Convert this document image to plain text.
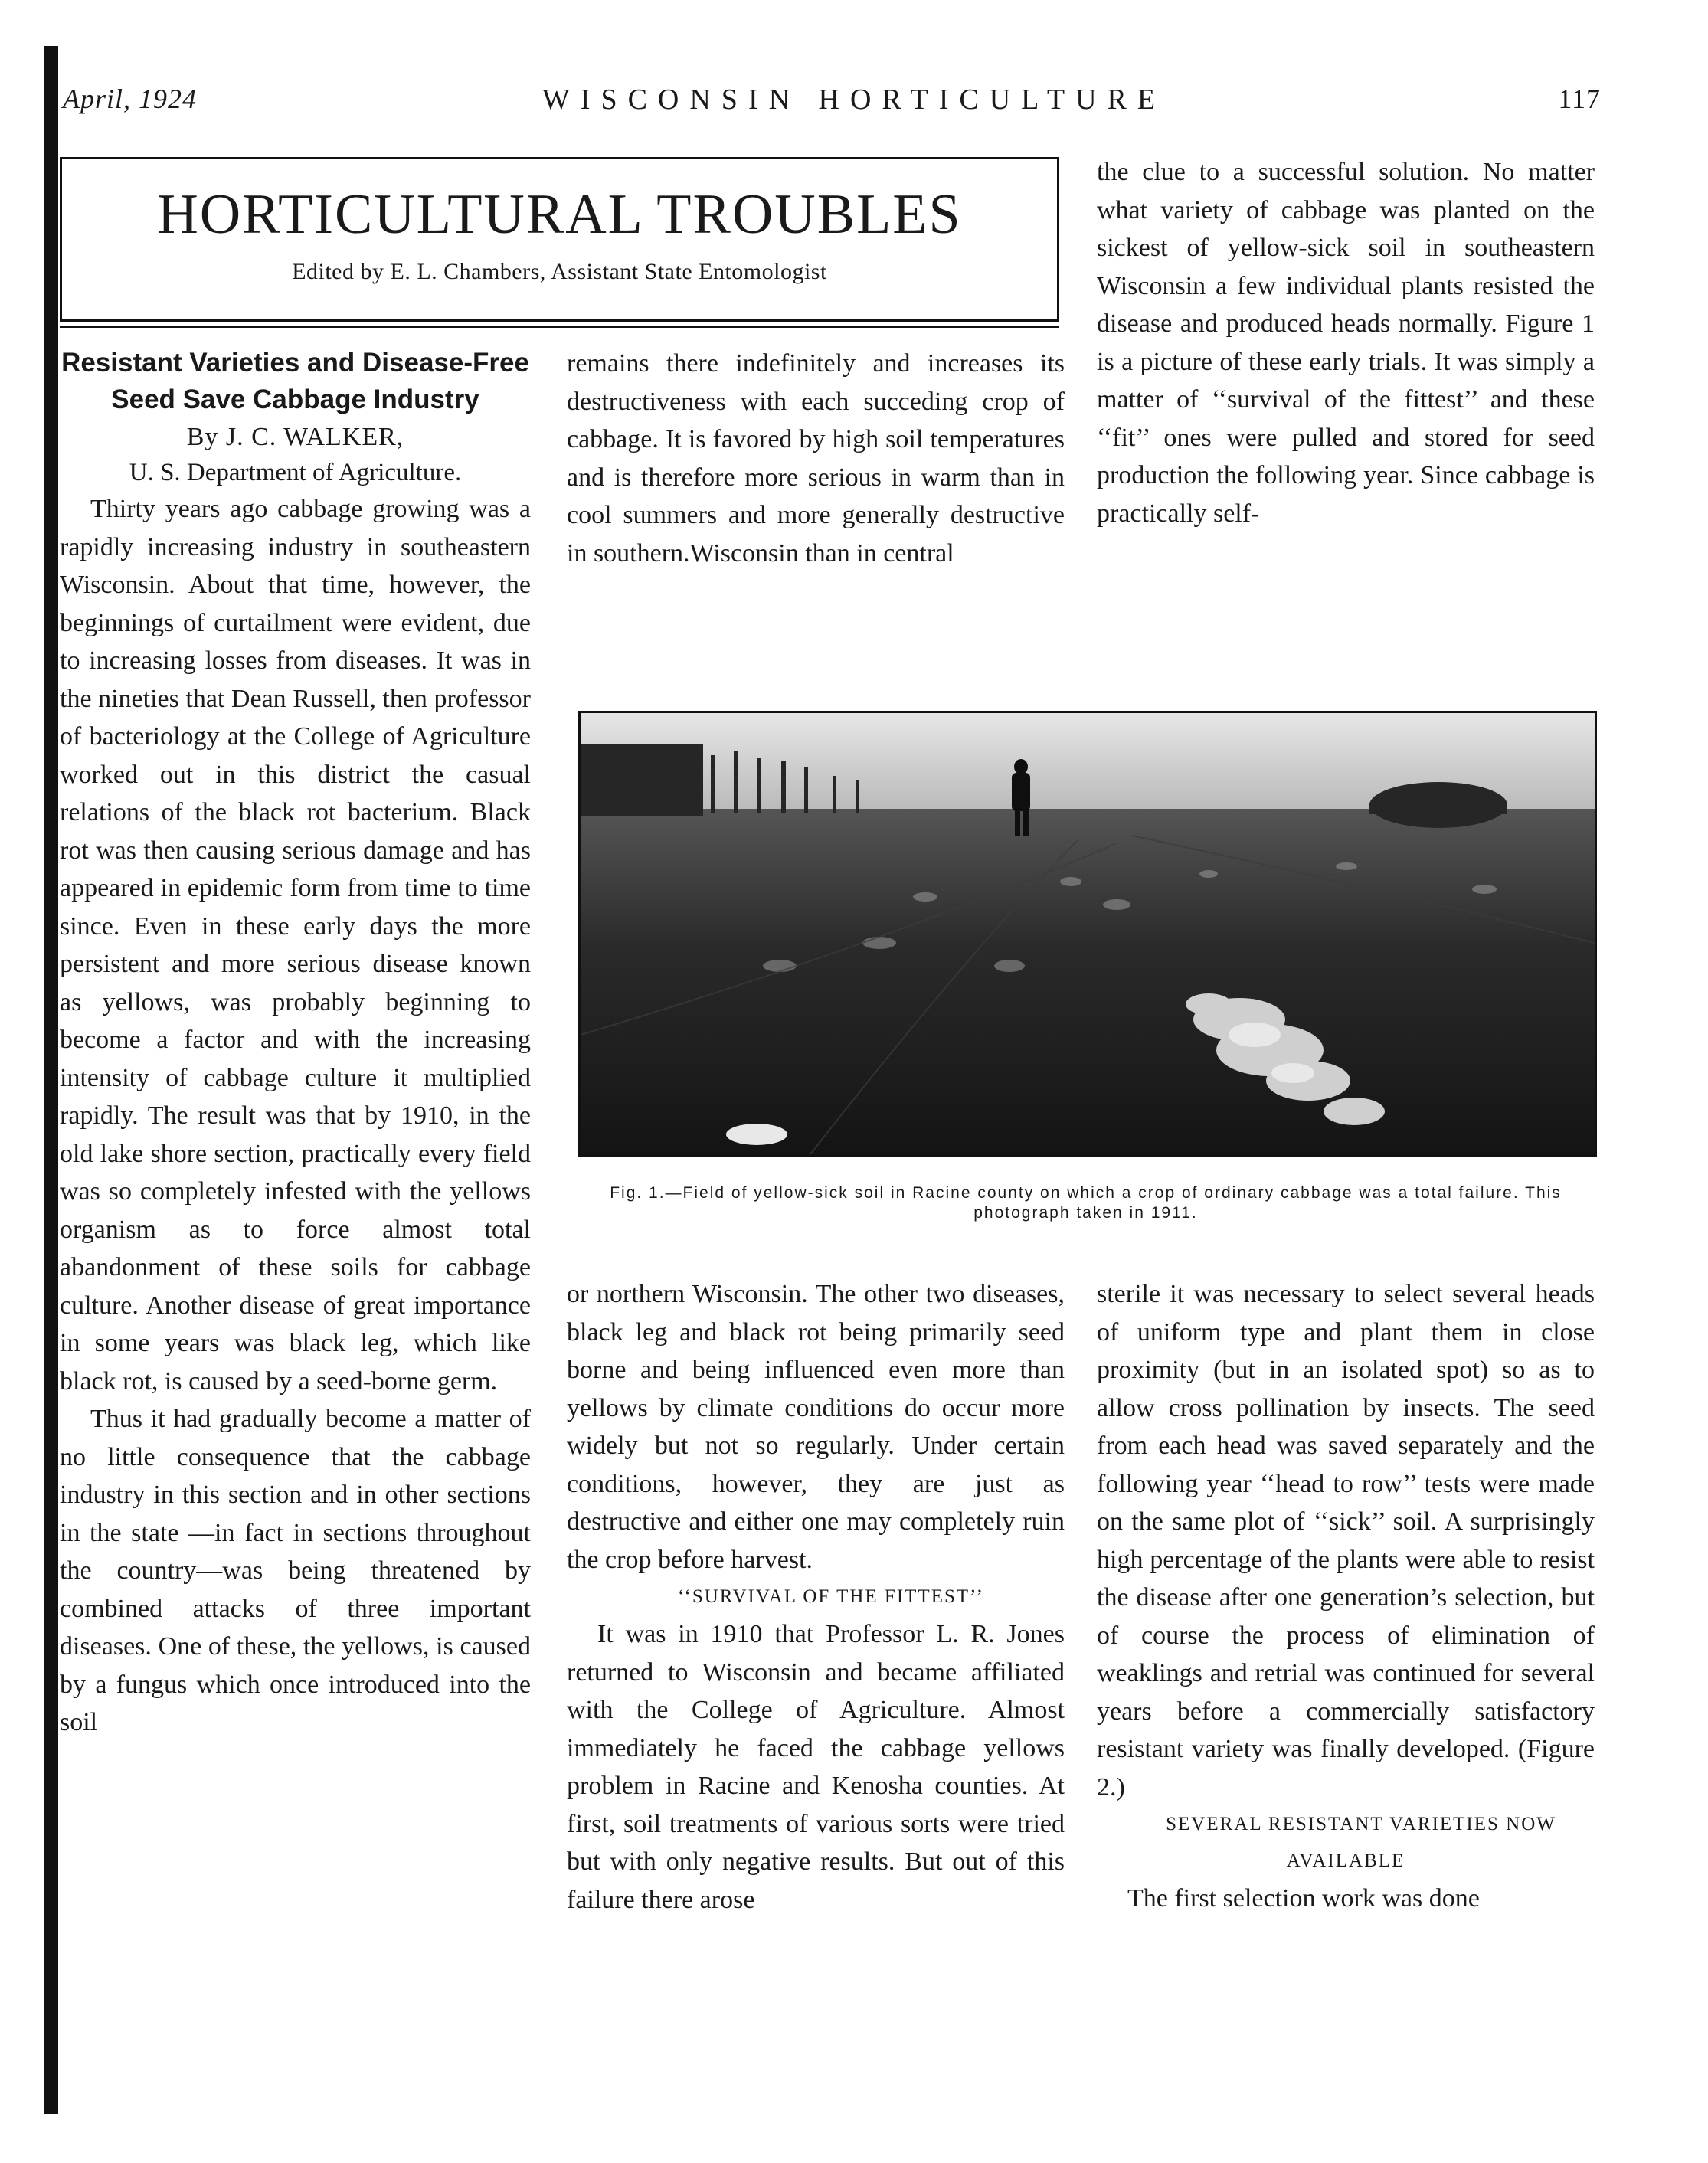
WISCONSIN HORTICULTURE
April, 1924	117
HORTICULTURAL TROUBLES
Edited by E. L. Chambers, Assistant State Entomologist
Resistant Varieties and Disease-Free Seed Save Cabbage Industry
By J. C. WALKER,
U. S. Department of Agriculture.

Thirty years ago cabbage growing was a rapidly increasing industry in southeastern Wisconsin. About that time, however, the beginnings of curtailment were evident, due to increasing losses from diseases. It was in the nineties that Dean Russell, then professor of bacteriology at the College of Agriculture worked out in this district the casual relations of the black rot bacterium. Black rot was then causing serious damage and has appeared in epidemic form from time to time since. Even in these early days the more persistent and more serious disease known as yellows, was probably beginning to become a factor and with the increasing intensity of cabbage culture it multiplied rapidly. The result was that by 1910, in the old lake shore section, practically every field was so completely infested with the yellows organism as to force almost total abandonment of these soils for cabbage culture. Another disease of great importance in some years was black leg, which like black rot, is caused by a seed-borne germ.

Thus it had gradually become a matter of no little consequence that the cabbage industry in this section and in other sections in the state —in fact in sections throughout the country—was being threatened by combined attacks of three important diseases. One of these, the yellows, is caused by a fungus which once introduced into the soil

remains there indefinitely and increases its destructiveness with each succeding crop of cabbage. It is favored by high soil temperatures and is therefore more serious in warm than in cool summers and more generally destructive in southern.Wisconsin than in central

the clue to a successful solution. No matter what variety of cabbage was planted on the sickest of yellow-sick soil in southeastern Wisconsin a few individual plants resisted the disease and produced heads normally. Figure 1 is a picture of these early trials. It was simply a matter of ‘‘survival of the fittest’’ and these ‘‘fit’’ ones were pulled and stored for seed production the following year. Since cabbage is practically self-

Fig. 1.—Field of yellow-sick soil in Racine county on which a crop of ordinary cabbage was a total failure. This photograph taken in 1911.

or northern Wisconsin. The other two diseases, black leg and black rot being primarily seed borne and being influenced even more than yellows by climate conditions do occur more widely but not so regularly. Under certain conditions, however, they are just as destructive and either one may completely ruin the crop before harvest.

‘‘SURVIVAL OF THE FITTEST’’

It was in 1910 that Professor L. R. Jones returned to Wisconsin and became affiliated with the College of Agriculture. Almost immediately he faced the cabbage yellows problem in Racine and Kenosha counties. At first, soil treatments of various sorts were tried but with only negative results. But out of this failure there arose

sterile it was necessary to select several heads of uniform type and plant them in close proximity (but in an isolated spot) so as to allow cross pollination by insects. The seed from each head was saved separately and the following year ‘‘head to row’’ tests were made on the same plot of ‘‘sick’’ soil. A surprisingly high percentage of the plants were able to resist the disease after one generation’s selection, but of course the process of elimination of weaklings and retrial was continued for several years before a commercially satisfactory resistant variety was finally developed. (Figure 2.)

SEVERAL RESISTANT VARIETIES NOW AVAILABLE

The first selection work was done
